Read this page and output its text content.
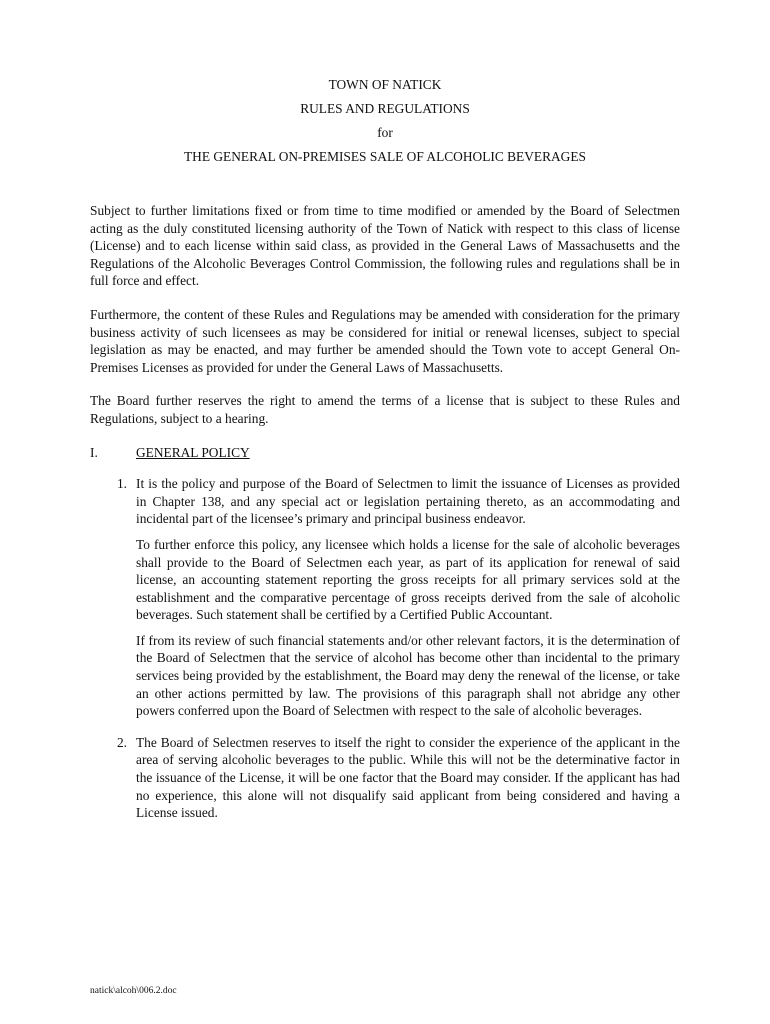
TOWN OF NATICK
RULES AND REGULATIONS
for
THE GENERAL ON-PREMISES SALE OF ALCOHOLIC BEVERAGES

Subject to further limitations fixed or from time to time modified or amended by the Board of Selectmen acting as the duly constituted licensing authority of the Town of Natick with respect to this class of license (License) and to each license within said class, as provided in the General Laws of Massachusetts and the Regulations of the Alcoholic Beverages Control Commission, the following rules and regulations shall be in full force and effect.

Furthermore, the content of these Rules and Regulations may be amended with consideration for the primary business activity of such licensees as may be considered for initial or renewal licenses, subject to special legislation as may be enacted, and may further be amended should the Town vote to accept General On-Premises Licenses as provided for under the General Laws of Massachusetts.

The Board further reserves the right to amend the terms of a license that is subject to these Rules and Regulations, subject to a hearing.

I.	GENERAL POLICY
1. It is the policy and purpose of the Board of Selectmen to limit the issuance of Licenses as provided in Chapter 138, and any special act or legislation pertaining thereto, as an accommodating and incidental part of the licensee’s primary and principal business endeavor.

To further enforce this policy, any licensee which holds a license for the sale of alcoholic beverages shall provide to the Board of Selectmen each year, as part of its application for renewal of said license, an accounting statement reporting the gross receipts for all primary services sold at the establishment and the comparative percentage of gross receipts derived from the sale of alcoholic beverages. Such statement shall be certified by a Certified Public Accountant.

If from its review of such financial statements and/or other relevant factors, it is the determination of the Board of Selectmen that the service of alcohol has become other than incidental to the primary services being provided by the establishment, the Board may deny the renewal of the license, or take an other actions permitted by law. The provisions of this paragraph shall not abridge any other powers conferred upon the Board of Selectmen with respect to the sale of alcoholic beverages.

2. The Board of Selectmen reserves to itself the right to consider the experience of the applicant in the area of serving alcoholic beverages to the public. While this will not be the determinative factor in the issuance of the License, it will be one factor that the Board may consider. If the applicant has had no experience, this alone will not disqualify said applicant from being considered and having a License issued.

natick\alcoh\006.2.doc
